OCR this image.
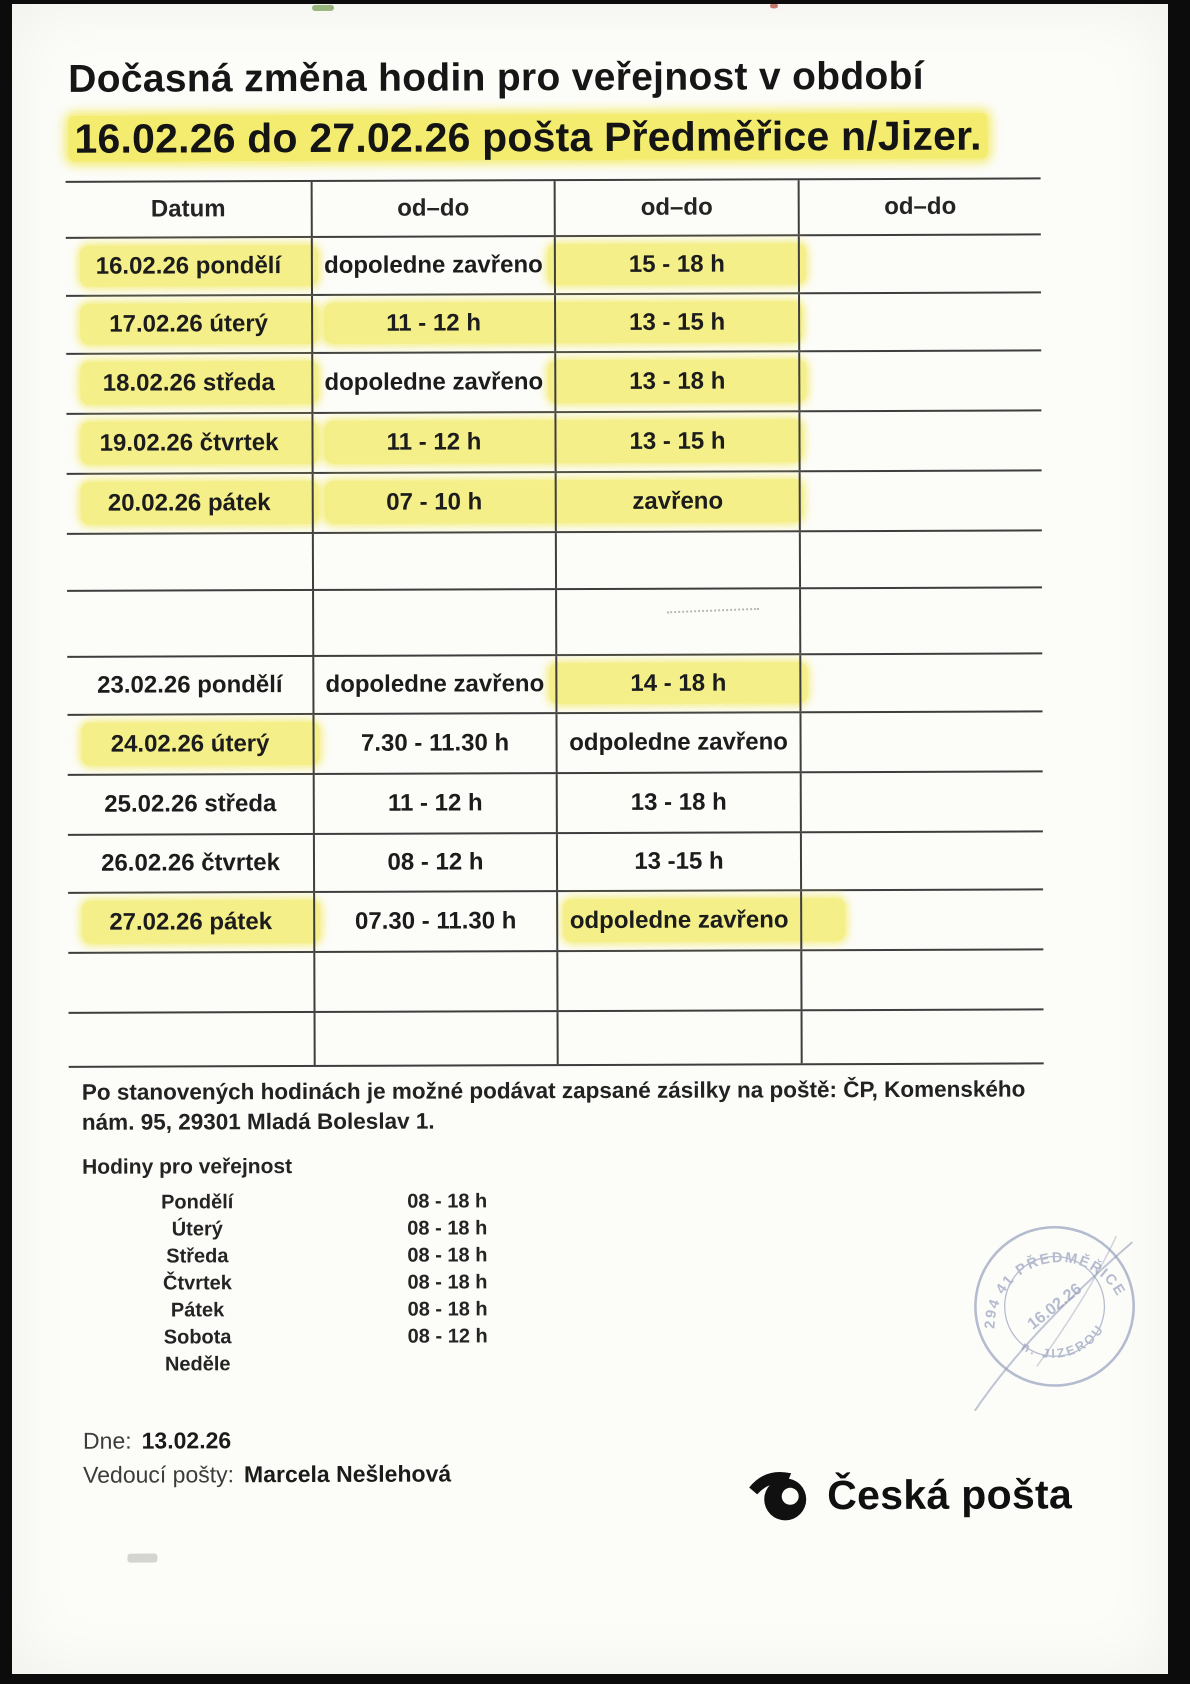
Dočasná změna hodin pro veřejnost v období
16.02.26 do 27.02.26 pošta Předměřice n/Jizer.
Datum	od–do	od–do	od–do
16.02.26 pondělí	dopoledne zavřeno	15 - 18 h
17.02.26 úterý	11 - 12 h	13 - 15 h
18.02.26 středa	dopoledne zavřeno	13 - 18 h
19.02.26 čtvrtek	11 - 12 h	13 - 15 h
20.02.26 pátek	07 - 10 h	zavřeno
23.02.26 pondělí	dopoledne zavřeno	14 - 18 h
24.02.26 úterý	7.30 - 11.30 h	odpoledne zavřeno
25.02.26 středa	11 - 12 h	13 - 18 h
26.02.26 čtvrtek	08 - 12 h	13 -15 h
27.02.26 pátek	07.30 - 11.30 h	odpoledne zavřeno
Po stanovených hodinách je možné podávat zapsané zásilky na poště: ČP, Komenského nám. 95, 29301 Mladá Boleslav 1.
Hodiny pro veřejnost
Pondělí	08 - 18 h
Úterý	08 - 18 h
Středa	08 - 18 h
Čtvrtek	08 - 18 h
Pátek	08 - 18 h
Sobota	08 - 12 h
Neděle
Dne: 13.02.26
Vedoucí pošty: Marcela Nešlehová	Česká pošta
294 41 PŘEDMĚŘICE
n. JIZEROU
16.02.26
